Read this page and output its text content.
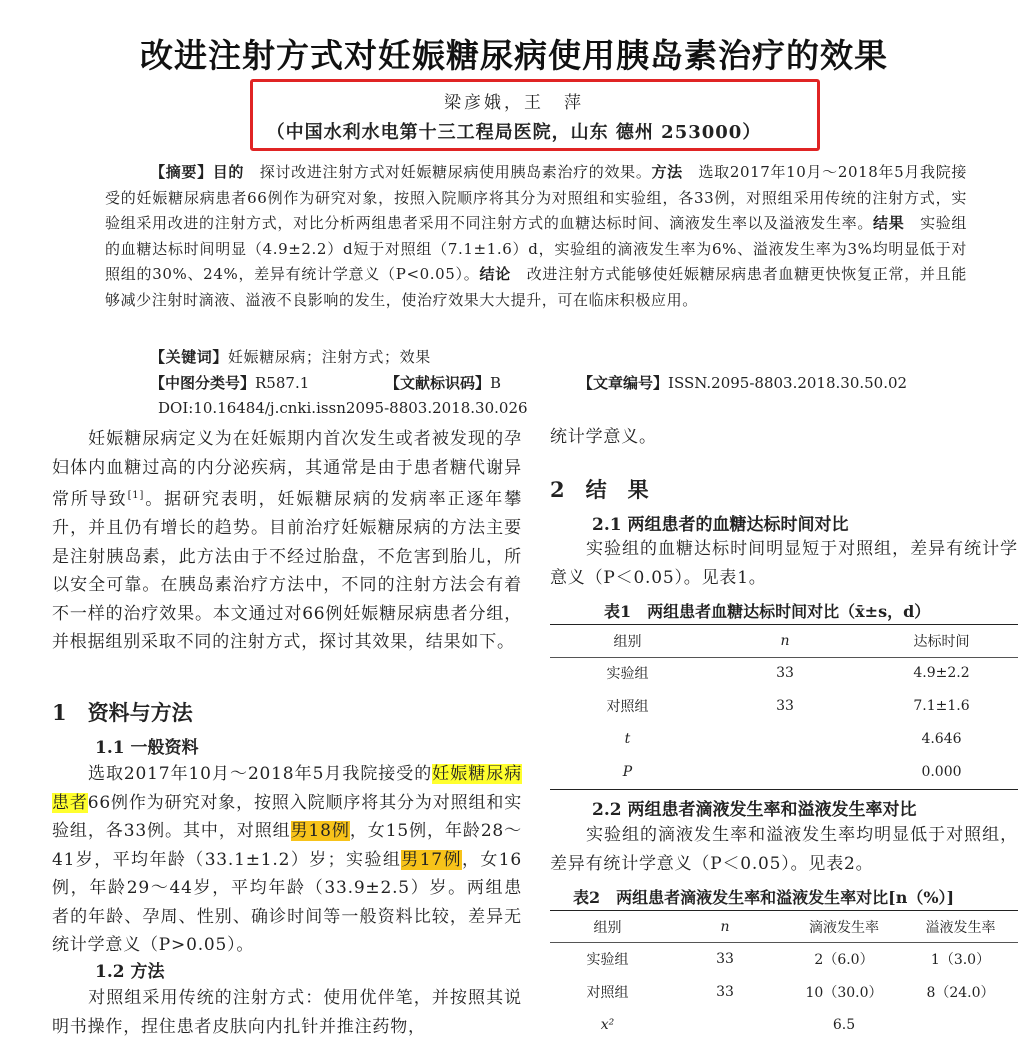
改进注射方式对妊娠糖尿病使用胰岛素治疗的效果
梁彦娥，王　萍
（中国水利水电第十三工程局医院，山东 德州 253000）
【摘要】目的　 探讨改进注射方式对妊娠糖尿病使用胰岛素治疗的效果。方法　 选取2017年10月～2018年5月我院接受的妊娠糖尿病患者66例作为研究对象，按照入院顺序将其分为对照组和实验组，各33例，对照组采用传统的注射方式，实验组采用改进的注射方式，对比分析两组患者采用不同注射方式的血糖达标时间、滴液发生率以及溢液发生率。结果　 实验组的血糖达标时间明显（4.9±2.2）d短于对照组（7.1±1.6）d，实验组的滴液发生率为6%、溢液发生率为3%均明显低于对照组的30%、24%，差异有统计学意义（P<0.05）。结论　 改进注射方式能够使妊娠糖尿病患者血糖更快恢复正常，并且能够减少注射时滴液、溢液不良影响的发生，使治疗效果大大提升，可在临床积极应用。
【关键词】妊娠糖尿病；注射方式；效果
【中图分类号】R587.1	【文献标识码】B	【文章编号】ISSN.2095-8803.2018.30.50.02
DOI:10.16484/j.cnki.issn2095-8803.2018.30.026
　　妊娠糖尿病定义为在妊娠期内首次发生或者被发现的孕妇体内血糖过高的内分泌疾病，其通常是由于患者糖代谢异常所导致[1]。据研究表明，妊娠糖尿病的发病率正逐年攀升，并且仍有增长的趋势。目前治疗妊娠糖尿病的方法主要是注射胰岛素，此方法由于不经过胎盘，不危害到胎儿，所以安全可靠。在胰岛素治疗方法中，不同的注射方法会有着不一样的治疗效果。本文通过对66例妊娠糖尿病患者分组，并根据组别采取不同的注射方式，探讨其效果，结果如下。
1　 资料与方法
1.1 一般资料
　　选取2017年10月～2018年5月我院接受的妊娠糖尿病患者66例作为研究对象，按照入院顺序将其分为对照组和实验组，各33例。其中，对照组男18例，女15例，年龄28～41岁，平均年龄（33.1±1.2）岁；实验组男17例，女16例，年龄29～44岁，平均年龄（33.9±2.5）岁。两组患者的年龄、孕周、性别、确诊时间等一般资料比较，差异无统计学意义（P>0.05）。
1.2 方法
　　对照组采用传统的注射方式：使用优伴笔，并按照其说明书操作，捏住患者皮肤向内扎针并推注药物，
统计学意义。
2　 结　果
2.1 两组患者的血糖达标时间对比
　　实验组的血糖达标时间明显短于对照组，差异有统计学意义（P＜0.05）。见表1。
表1　两组患者血糖达标时间对比（x̄±s，d）
组别	n	达标时间
实验组	33	4.9±2.2
对照组	33	7.1±1.6
t		4.646
P		0.000
2.2 两组患者滴液发生率和溢液发生率对比
　　实验组的滴液发生率和溢液发生率均明显低于对照组，差异有统计学意义（P＜0.05）。见表2。
表2　两组患者滴液发生率和溢液发生率对比[n（%）]
组别	n	滴液发生率	溢液发生率
实验组	33	2（6.0）	1（3.0）
对照组	33	10（30.0）	8（24.0）
x²		6.5	
